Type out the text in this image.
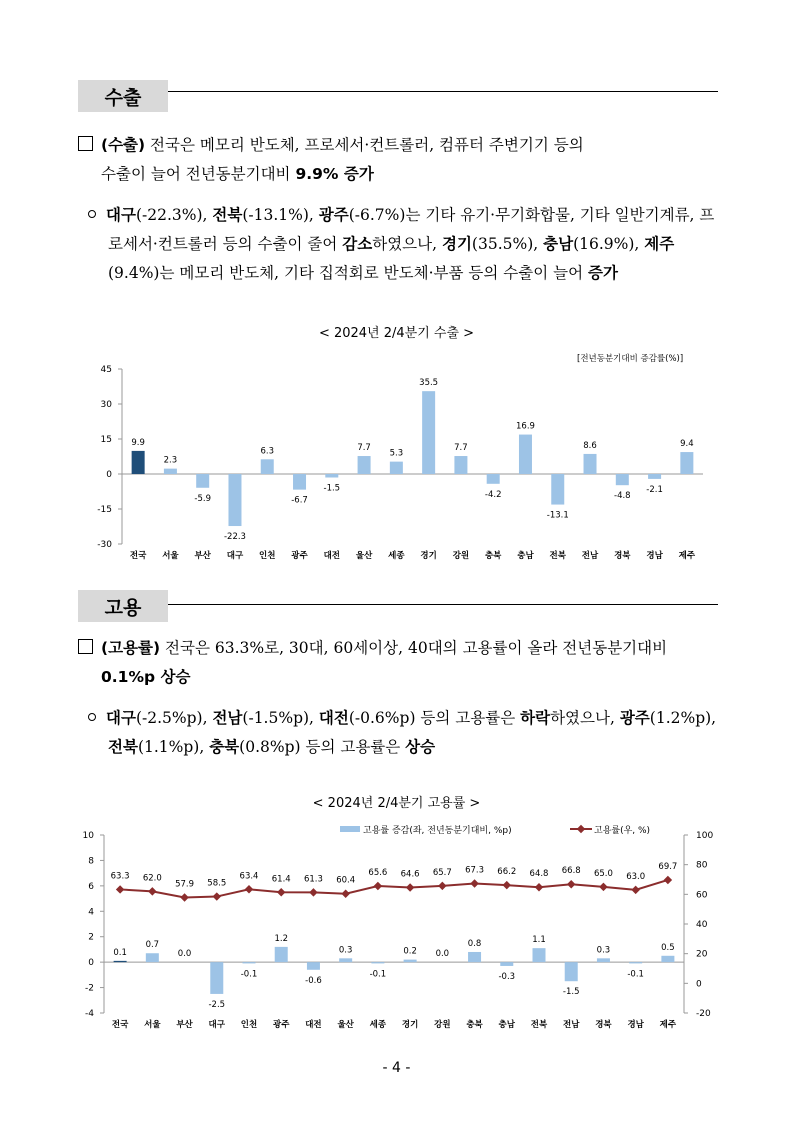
수출
(수출) 전국은 메모리 반도체, 프로세서·컨트롤러, 컴퓨터 주변기기 등의
수출이 늘어 전년동분기대비 9.9% 증가
대구(-22.3%), 전북(-13.1%), 광주(-6.7%)는 기타 유기·무기화합물, 기타 일반기계류, 프로세서·컨트롤러 등의 수출이 줄어 감소하였으나, 경기(35.5%), 충남(16.9%), 제주(9.4%)는 메모리 반도체, 기타 집적회로 반도체·부품 등의 수출이 늘어 증가
< 2024년 2/4분기 수출 >
[전년동분기대비 증감률(%)]
45
30
15
0
-15
-30
9.9
전국
2.3
서울
-5.9
부산
-22.3
대구
6.3
인천
-6.7
광주
-1.5
대전
7.7
울산
5.3
세종
35.5
경기
7.7
강원
-4.2
충북
16.9
충남
-13.1
전북
8.6
전남
-4.8
경북
-2.1
경남
9.4
제주
고용
(고용률) 전국은 63.3%로, 30대, 60세이상, 40대의 고용률이 올라 전년동분기대비
0.1%p 상승
대구(-2.5%p), 전남(-1.5%p), 대전(-0.6%p) 등의 고용률은 하락하였으나, 광주(1.2%p), 전북(1.1%p), 충북(0.8%p) 등의 고용률은 상승
< 2024년 2/4분기 고용률 >
고용률 증감(좌, 전년동분기대비, %p)	고용률(우, %)
10
8
6
4
2
0
-2
-4
100
80
60
40
20
0
-20
0.1
전국
0.7
서울
0.0
부산
-2.5
대구
-0.1
인천
1.2
광주
-0.6
대전
0.3
울산
-0.1
세종
0.2
경기
0.0
강원
0.8
충북
-0.3
충남
1.1
전북
-1.5
전남
0.3
경북
-0.1
경남
0.5
제주
63.3 62.0
57.9 58.5
63.4 61.4 61.3 60.4
65.6 64.6 65.7 67.3 66.2 64.8 66.8 65.0 63.0
69.7
- 4 -
